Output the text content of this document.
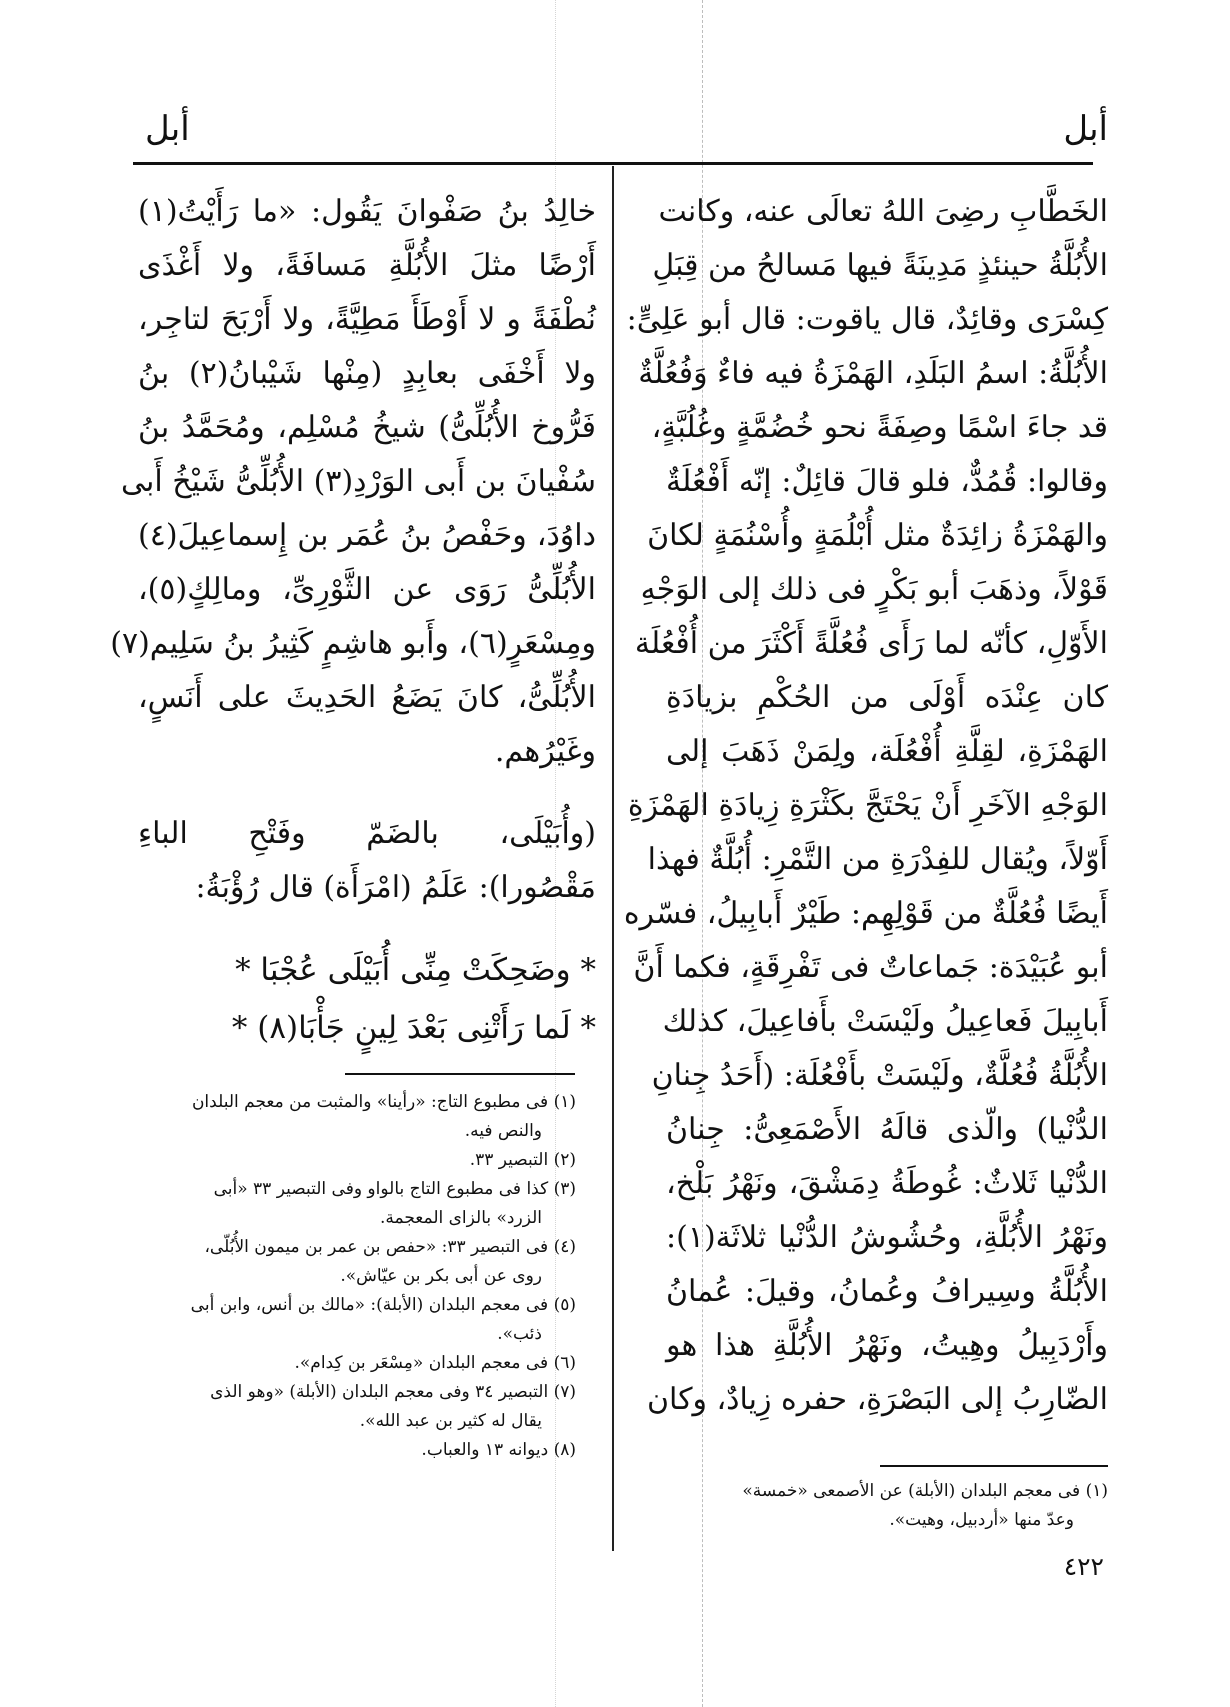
أبل
أبل
الخَطَّابِ رضِىَ اللهُ تعالَى عنه، وكانت
الأُبُلَّةُ حينئذٍ مَدِينَةً فيها مَسالحُ من قِبَلِ
كِسْرَى وقائِدٌ، قال ياقوت: قال أبو عَلِىٍّ:
الأُبُلَّةُ: اسمُ البَلَدِ، الهَمْزَةُ فيه فاءٌ وَفُعُلَّةٌ
قد جاءَ اسْمًا وصِفَةً نحو خُضُمَّةٍ وغُلُبَّةٍ،
وقالوا: قُمُدٌّ، فلو قالَ قائِلٌ: إنّه أَفْعُلَةٌ
والهَمْزَةُ زائِدَةٌ مثل أُبْلُمَةٍ وأُسْنُمَةٍ لكانَ
قَوْلاً، وذهَبَ أبو بَكْرٍ فى ذلك إلى الوَجْهِ
الأَوّلِ، كأنّه لما رَأَى فُعُلَّةً أَكْثَرَ من أُفْعُلَة
كان عِنْدَه أَوْلَى من الحُكْمِ بزيادَةِ
الهَمْزَةِ، لقِلَّةِ أُفْعُلَة، ولِمَنْ ذَهَبَ إلى
الوَجْهِ الآخَرِ أَنْ يَحْتَجَّ بكَثْرَةِ زِيادَةِ الهَمْزَةِ
أَوّلاً، ويُقال للفِدْرَةِ من التَّمْرِ: أُبُلَّةٌ فهذا
أَيضًا فُعُلَّةٌ من قَوْلِهِم: طَيْرٌ أَبابِيلُ، فسّره
أبو عُبَيْدَة: جَماعاتٌ فى تَفْرِقَةٍ، فكما أَنَّ
أَبابِيلَ فَعاعِيلُ ولَيْسَتْ بأَفاعِيلَ، كذلك
الأُبُلَّةُ فُعُلَّةٌ، ولَيْسَتْ بأَفْعُلَة: (أَحَدُ جِنانِ
الدُّنْيا) والّذى قالَهُ الأَصْمَعِىُّ: جِنانُ
الدُّنْيا ثَلاثٌ: غُوطَةُ دِمَشْقَ، ونَهْرُ بَلْخ،
ونَهْرُ الأُبُلَّةِ، وحُشُوشُ الدُّنْيا ثلاثَة(١):
الأُبُلَّةُ وسِيرافُ وعُمانُ، وقيلَ: عُمانُ
وأَرْدَبِيلُ وهِيتُ، ونَهْرُ الأُبُلَّةِ هذا هو
الضّارِبُ إلى البَصْرَةِ، حفره زِيادٌ، وكان
خالِدُ بنُ صَفْوانَ يَقُول: «ما رَأَيْتُ(١)
أَرْضًا مثلَ الأُبُلَّةِ مَسافَةً، ولا أَغْذَى
نُطْفَةً و لا أَوْطَأَ مَطِيَّةً، ولا أَرْبَحَ لتاجِر،
ولا أَخْفَى بعابِدٍ (مِنْها شَيْبانُ(٢) بنُ
فَرُّوخ الأُبُلِّىُّ) شيخُ مُسْلِم، ومُحَمَّدُ بنُ
سُفْيانَ بن أَبى الوَرْدِ(٣) الأُبُلِّىُّ شَيْخُ أَبى
داوُدَ، وحَفْصُ بنُ عُمَر بن إِسماعِيلَ(٤)
الأُبُلِّىُّ رَوَى عن الثَّوْرِىِّ، ومالِكٍ(٥)،
ومِسْعَرٍ(٦)، وأَبو هاشِمٍ كَثِيرُ بنُ سَلِيم(٧)
الأُبُلِّىُّ، كانَ يَضَعُ الحَدِيثَ على أَنَسٍ،
وغَيْرُهم.
(وأُبَيْلَى، بالضَمّ وفَتْحِ الباءِ
مَقْصُورا): عَلَمُ (امْرَأَة) قال رُؤْبَةُ:
* وضَحِكَتْ مِنِّى أُبَيْلَى عُجْبَا *
* لَما رَأَتْنِى بَعْدَ لِينٍ جَأْبَا(٨) *
(١) فى مطبوع التاج: «رأينا» والمثبت من معجم البلدان
والنص فيه.
(٢) التبصير ٣٣.
(٣) كذا فى مطبوع التاج بالواو وفى التبصير ٣٣ «أبى
الزرد» بالزاى المعجمة.
(٤) فى التبصير ٣٣: «حفص بن عمر بن ميمون الأُبُلّى،
روى عن أبى بكر بن عيّاش».
(٥) فى معجم البلدان (الأبلة): «مالك بن أنس، وابن أبى
ذئب».
(٦) فى معجم البلدان «مِسْعَر بن كِدام».
(٧) التبصير ٣٤ وفى معجم البلدان (الأبلة) «وهو الذى
يقال له كثير بن عبد الله».
(٨) ديوانه ١٣ والعباب.
(١) فى معجم البلدان (الأبلة) عن الأصمعى «خمسة»
وعدّ منها «أردبيل، وهيت».
٤٢٢
